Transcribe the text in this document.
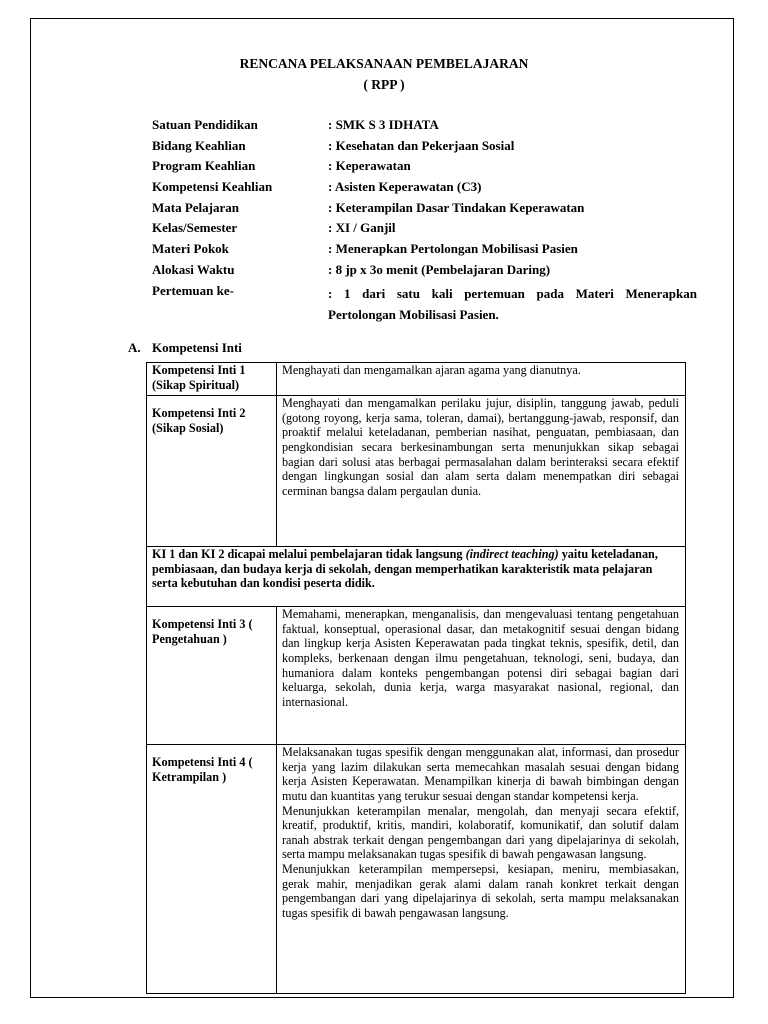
RENCANA PELAKSANAAN PEMBELAJARAN
( RPP )
Satuan Pendidikan	: SMK S 3 IDHATA
Bidang Keahlian	: Kesehatan dan Pekerjaan Sosial
Program Keahlian	: Keperawatan
Kompetensi Keahlian	: Asisten Keperawatan (C3)
Mata Pelajaran	: Keterampilan Dasar Tindakan Keperawatan
Kelas/Semester	: XI / Ganjil
Materi Pokok	: Menerapkan Pertolongan Mobilisasi Pasien
Alokasi Waktu	: 8 jp x 3o menit (Pembelajaran Daring)
Pertemuan ke-	: 1 dari satu kali pertemuan pada Materi Menerapkan Pertolongan Mobilisasi Pasien.
A. Kompetensi Inti
Kompetensi Inti 1 (Sikap Spiritual)	Menghayati dan mengamalkan ajaran agama yang dianutnya.
Kompetensi Inti 2 (Sikap Sosial)	Menghayati dan mengamalkan perilaku jujur, disiplin, tanggung jawab, peduli (gotong royong, kerja sama, toleran, damai), bertanggung-jawab, responsif, dan proaktif melalui keteladanan, pemberian nasihat, penguatan, pembiasaan, dan pengkondisian secara berkesinambungan serta menunjukkan sikap sebagai bagian dari solusi atas berbagai permasalahan dalam berinteraksi secara efektif dengan lingkungan sosial dan alam serta dalam menempatkan diri sebagai cerminan bangsa dalam pergaulan dunia.
KI 1 dan KI 2 dicapai melalui pembelajaran tidak langsung (indirect teaching) yaitu keteladanan, pembiasaan, dan budaya kerja di sekolah, dengan memperhatikan karakteristik mata pelajaran serta kebutuhan dan kondisi peserta didik.	
Kompetensi Inti 3 ( Pengetahuan )	Memahami, menerapkan, menganalisis, dan mengevaluasi tentang pengetahuan faktual, konseptual, operasional dasar, dan metakognitif sesuai dengan bidang dan lingkup kerja Asisten Keperawatan pada tingkat teknis, spesifik, detil, dan kompleks, berkenaan dengan ilmu pengetahuan, teknologi, seni, budaya, dan humaniora dalam konteks pengembangan potensi diri sebagai bagian dari keluarga, sekolah, dunia kerja, warga masyarakat nasional, regional, dan internasional.
Kompetensi Inti 4 ( Ketrampilan )	Melaksanakan tugas spesifik dengan menggunakan alat, informasi, dan prosedur kerja yang lazim dilakukan serta memecahkan masalah sesuai dengan bidang kerja Asisten Keperawatan. Menampilkan kinerja di bawah bimbingan dengan mutu dan kuantitas yang terukur sesuai dengan standar kompetensi kerja.

Menunjukkan keterampilan menalar, mengolah, dan menyaji secara efektif, kreatif, produktif, kritis, mandiri, kolaboratif, komunikatif, dan solutif dalam ranah abstrak terkait dengan pengembangan dari yang dipelajarinya di sekolah, serta mampu melaksanakan tugas spesifik di bawah pengawasan langsung.

Menunjukkan keterampilan mempersepsi, kesiapan, meniru, membiasakan, gerak mahir, menjadikan gerak alami dalam ranah konkret terkait dengan pengembangan dari yang dipelajarinya di sekolah, serta mampu melaksanakan tugas spesifik di bawah pengawasan langsung.
